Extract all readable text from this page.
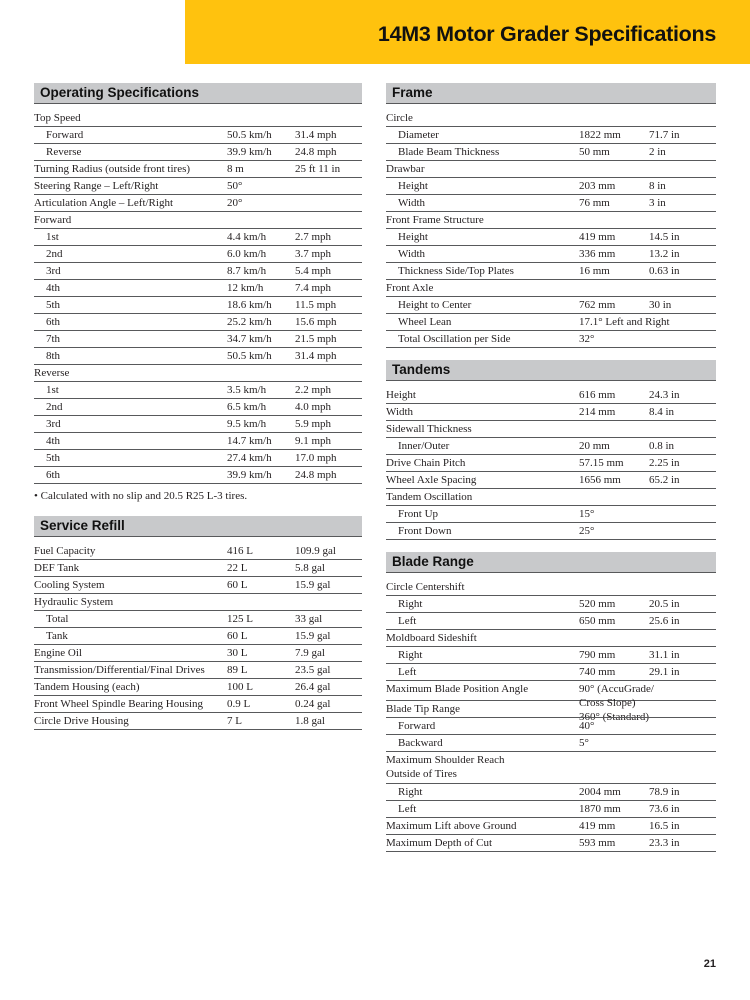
14M3 Motor Grader Specifications
Operating Specifications
Top Speed
Forward	50.5 km/h 31.4 mph
Reverse	39.9 km/h 24.8 mph
Turning Radius (outside front tires)	8 m	25 ft 11 in
Steering Range – Left/Right	50°
Articulation Angle – Left/Right	20°
Forward
1st	4.4 km/h	2.7 mph
2nd	6.0 km/h	3.7 mph
3rd	8.7 km/h	5.4 mph
4th	12 km/h	7.4 mph
5th	18.6 km/h 11.5 mph
6th	25.2 km/h 15.6 mph
7th	34.7 km/h 21.5 mph
8th	50.5 km/h 31.4 mph
Reverse
1st	3.5 km/h	2.2 mph
2nd	6.5 km/h	4.0 mph
3rd	9.5 km/h	5.9 mph
4th	14.7 km/h 9.1 mph
5th	27.4 km/h 17.0 mph
6th	39.9 km/h 24.8 mph
• Calculated with no slip and 20.5 R25 L-3 tires.
Service Refill
Fuel Capacity	416 L	109.9 gal
DEF Tank	22 L	5.8 gal
Cooling System	60 L	15.9 gal
Hydraulic System
Total	125 L	33 gal
Tank	60 L	15.9 gal
Engine Oil	30 L	7.9 gal
Transmission/Differential/Final Drives	89 L	23.5 gal
Tandem Housing (each)	100 L	26.4 gal
Front Wheel Spindle Bearing Housing	0.9 L	0.24 gal
Circle Drive Housing	7 L	1.8 gal
Frame
Circle
Diameter	1822 mm	71.7 in
Blade Beam Thickness	50 mm	2 in
Drawbar
Height	203 mm	8 in
Width	76 mm	3 in
Front Frame Structure
Height	419 mm	14.5 in
Width	336 mm	13.2 in
Thickness Side/Top Plates	16 mm	0.63 in
Front Axle
Height to Center	762 mm	30 in
Wheel Lean	17.1° Left and Right
Total Oscillation per Side	32°
Tandems
Height	616 mm	24.3 in
Width	214 mm	8.4 in
Sidewall Thickness
Inner/Outer	20 mm	0.8 in
Drive Chain Pitch	57.15 mm 2.25 in
Wheel Axle Spacing	1656 mm	65.2 in
Tandem Oscillation
Front Up	15°
Front Down	25°
Blade Range
Circle Centershift
Right	520 mm	20.5 in
Left	650 mm	25.6 in
Moldboard Sideshift
Right	790 mm	31.1 in
Left	740 mm	29.1 in
Maximum Blade Position Angle	90° (AccuGrade/
Cross Slope)
360° (Standard)
Blade Tip Range
Forward	40°
Backward	5°
Maximum Shoulder Reach
Outside of Tires
Right	2004 mm	78.9 in
Left	1870 mm	73.6 in
Maximum Lift above Ground	419 mm	16.5 in
Maximum Depth of Cut	593 mm	23.3 in
21
